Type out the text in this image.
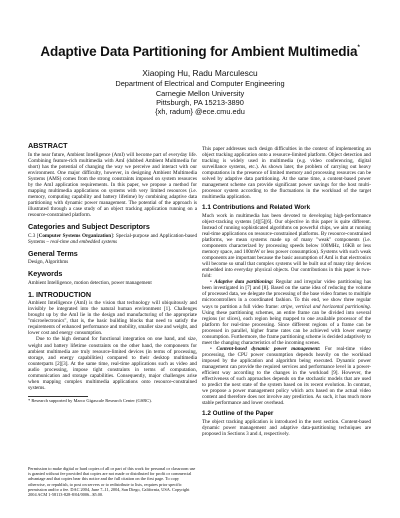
Adaptive Data Partitioning for Ambient Multimedia*
Xiaoping Hu, Radu Marculescu
Department of Electrical and Computer Engineering
Carnegie Mellon University
Pittsburgh, PA 15213-3890
{xh, radum} @ece.cmu.edu
ABSTRACT

In the near future, Ambient Intelligence (AmI) will become part of everyday life. Combining feature-rich multimedia with AmI (dubbed Ambient Multimedia for short) has the potential of changing the way we perceive and interact with our environment. One major difficulty, however, in designing Ambient Multimedia Systems (AMS) comes from the strong constraints imposed on system resources by the AmI application requirements. In this paper, we propose a method for mapping multimedia applications on systems with very limited resources (i.e. memory, computing capability and battery lifetime) by combining adaptive data partitioning with dynamic power management. The potential of the approach is illustrated through a case study of an object tracking application running on a resource-constrained platform.

Categories and Subject Descriptors

C.3 [Computer Systems Organization]: Special-purpose and Application-based Systems – real-time and embedded systems

General Terms

Design, Algorithms

Keywords

Ambient Intelligence, motion detection, power management

1. INTRODUCTION

Ambient Intelligence (AmI) is the vision that technology will ubiquitously and invisibly be integrated into the natural human environment [1]. Challenges brought up by the AmI lie in the design and manufacturing of the appropriate "microelectronics", that is, the basic building blocks that need to satisfy the requirements of enhanced performance and mobility, smaller size and weight, and lower cost and energy consumption.

Due to the high demand for functional integration on one hand, and size, weight and battery lifetime constraints on the other hand, the components for ambient multimedia are truly resource-limited devices (in terms of processing, storage, and energy capabilities) compared to their desktop multimedia counterparts [2][3]. At the same time, real-time applications such as video and audio processing, impose tight constraints in terms of computation, communication and storage capabilities. Consequently, major challenges arise when mapping complex multimedia applications onto resource-constrained systems.

* Research supported by Marco Gigascale Research Center (GSRC).
Permission to make digital or hard copies of all or part of this work for personal or classroom use is granted without fee provided that copies are not made or distributed for profit or commercial advantage and that copies bear this notice and the full citation on the first page. To copy otherwise, or republish, to post on servers or to redistribute to lists, requires prior specific permission and/or a fee. DAC 2004, June 7–11, 2004, San Diego, California, USA. Copyright 2004 ACM 1-58113-828-8/04/0006...$5.00.

This paper addresses such design difficulties in the context of implementing an object tracking application onto a resource-limited platform. Object detection and tracking is widely used in multimedia (e.g. video conferencing, digital surveillance systems, etc.). As shown later, the problem of carrying out heavy computations in the presence of limited memory and processing resources can be solved by adaptive data partitioning. At the same time, a content-based power management scheme can provide significant power savings for the host multi-processor system according to the fluctuations in the workload of the target multimedia application.

1.1 Contributions and Related Work

Much work in multimedia has been devoted to developing high-performance object-tracking systems [4][5][6]. Our objective in this paper is quite different. Instead of running sophisticated algorithms on powerful chips, we aim at running real-time applications on resource-constrained platforms. By resource-constrained platforms, we mean systems made up of many "weak" components (i.e. components characterized by processing speeds below 100MHz, 16KB or less memory space, and 100mW or less power consumption). Systems with such weak components are important because the basic assumption of AmI is that electronics will become so small that complex systems will be built out of many tiny devices embedded into everyday physical objects. Our contributions in this paper is two-fold:

• Adaptive data partitioning: Regular and irregular video partitioning has been investigated in [7] and [8]. Based on the same idea of reducing the volume of processed data, we delegate the processing of the base video frames to multiple microcontrollers in a coordinated fashion. To this end, we show three regular ways to partition a full video frame: stripe, vertical and horizontal partitioning. Using these partitioning schemes, an entire frame can be divided into several regions (or slices), each region being mapped to one available processor of the platform for real-time processing. Since different regions of a frame can be processed in parallel, higher frame rates can be achieved with lower energy consumption. Furthermore, the frame partitioning scheme is decided adaptively to meet the changing characteristics of the incoming scenes.

• Content-based dynamic power management: For real-time video processing, the CPU power consumption depends heavily on the workload imposed by the application and algorithm being executed. Dynamic power management can provide the required services and performance level in a power-efficient way according to the changes in the workload [9]. However, the effectiveness of such approaches depends on the stochastic models that are used to predict the next state of the system based on its recent evolution. In contrast, we propose a power management policy which acts based on the actual video content and therefore does not involve any prediction. As such, it has much more stable performance and lower overhead.

1.2 Outline of the Paper

The object tracking application is introduced in the next section. Content-based dynamic power management and adaptive data-partitioning techniques are proposed in Sections 3 and 4, respectively.
